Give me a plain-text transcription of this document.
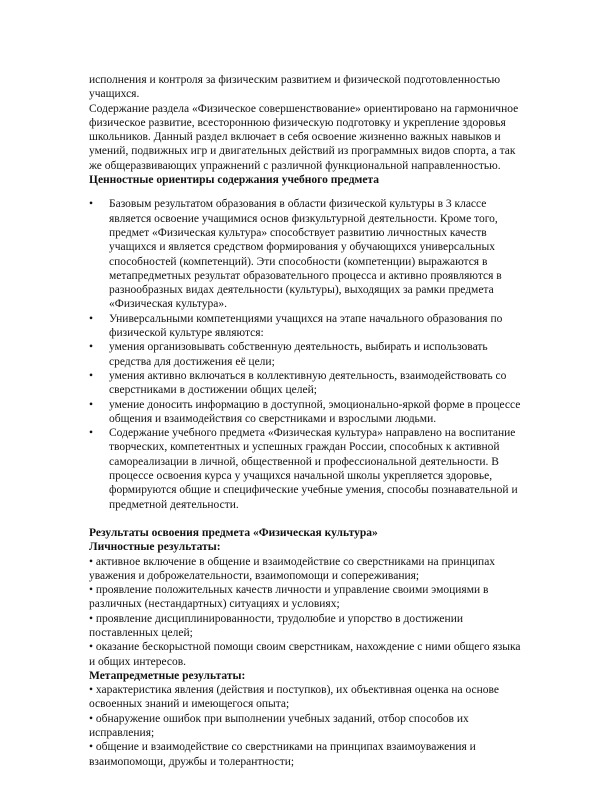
исполнения и контроля за физическим развитием и физической подготовленностью учащихся.

Содержание раздела «Физическое совершенствование» ориентировано на гармоничное физическое развитие, всестороннюю физическую подготовку и укрепление здоровья школьников. Данный раздел включает в себя освоение жизненно важных навыков и умений, подвижных игр и двигательных действий из программных видов спорта, а так же общеразвивающих упражнений с различной функциональной направленностью.

Ценностные ориентиры содержания учебного предмета

• Базовым результатом образования в области физической культуры в 3 классе является освоение учащимися основ физкультурной деятельности. Кроме того, предмет «Физическая культура» способствует развитию личностных качеств учащихся и является средством формирования у обучающихся универсальных способностей (компетенций). Эти способности (компетенции) выражаются в метапредметных результат образовательного процесса и активно проявляются в разнообразных видах деятельности (культуры), выходящих за рамки предмета «Физическая культура».
• Универсальными компетенциями учащихся на этапе начального образования по физической культуре являются:
• умения организовывать собственную деятельность, выбирать и использовать средства для достижения её цели;
• умения активно включаться в коллективную деятельность, взаимодействовать со сверстниками в достижении общих целей;
• умение доносить информацию в доступной, эмоционально-яркой форме в процессе общения и взаимодействия со сверстниками и взрослыми людьми.
• Содержание учебного предмета «Физическая культура» направлено на воспитание творческих, компетентных и успешных граждан России, способных к активной самореализации в личной, общественной и профессиональной деятельности. В процессе освоения курса у учащихся начальной школы укрепляется здоровье, формируются общие и специфические учебные умения, способы познавательной и предметной деятельности.

Результаты освоения предмета «Физическая культура»

Личностные результаты:

• активное включение в общение и взаимодействие со сверстниками на принципах уважения и доброжелательности, взаимопомощи и сопереживания;

• проявление положительных качеств личности и управление своими эмоциями в различных (нестандартных) ситуациях и условиях;

• проявление дисциплинированности, трудолюбие и упорство в достижении поставленных целей;

• оказание бескорыстной помощи своим сверстникам, нахождение с ними общего языка и общих интересов.

Метапредметные результаты:

• характеристика явления (действия и поступков), их объективная оценка на основе освоенных знаний и имеющегося опыта;

• обнаружение ошибок при выполнении учебных заданий, отбор способов их исправления;

• общение и взаимодействие со сверстниками на принципах взаимоуважения и взаимопомощи, дружбы и толерантности;
